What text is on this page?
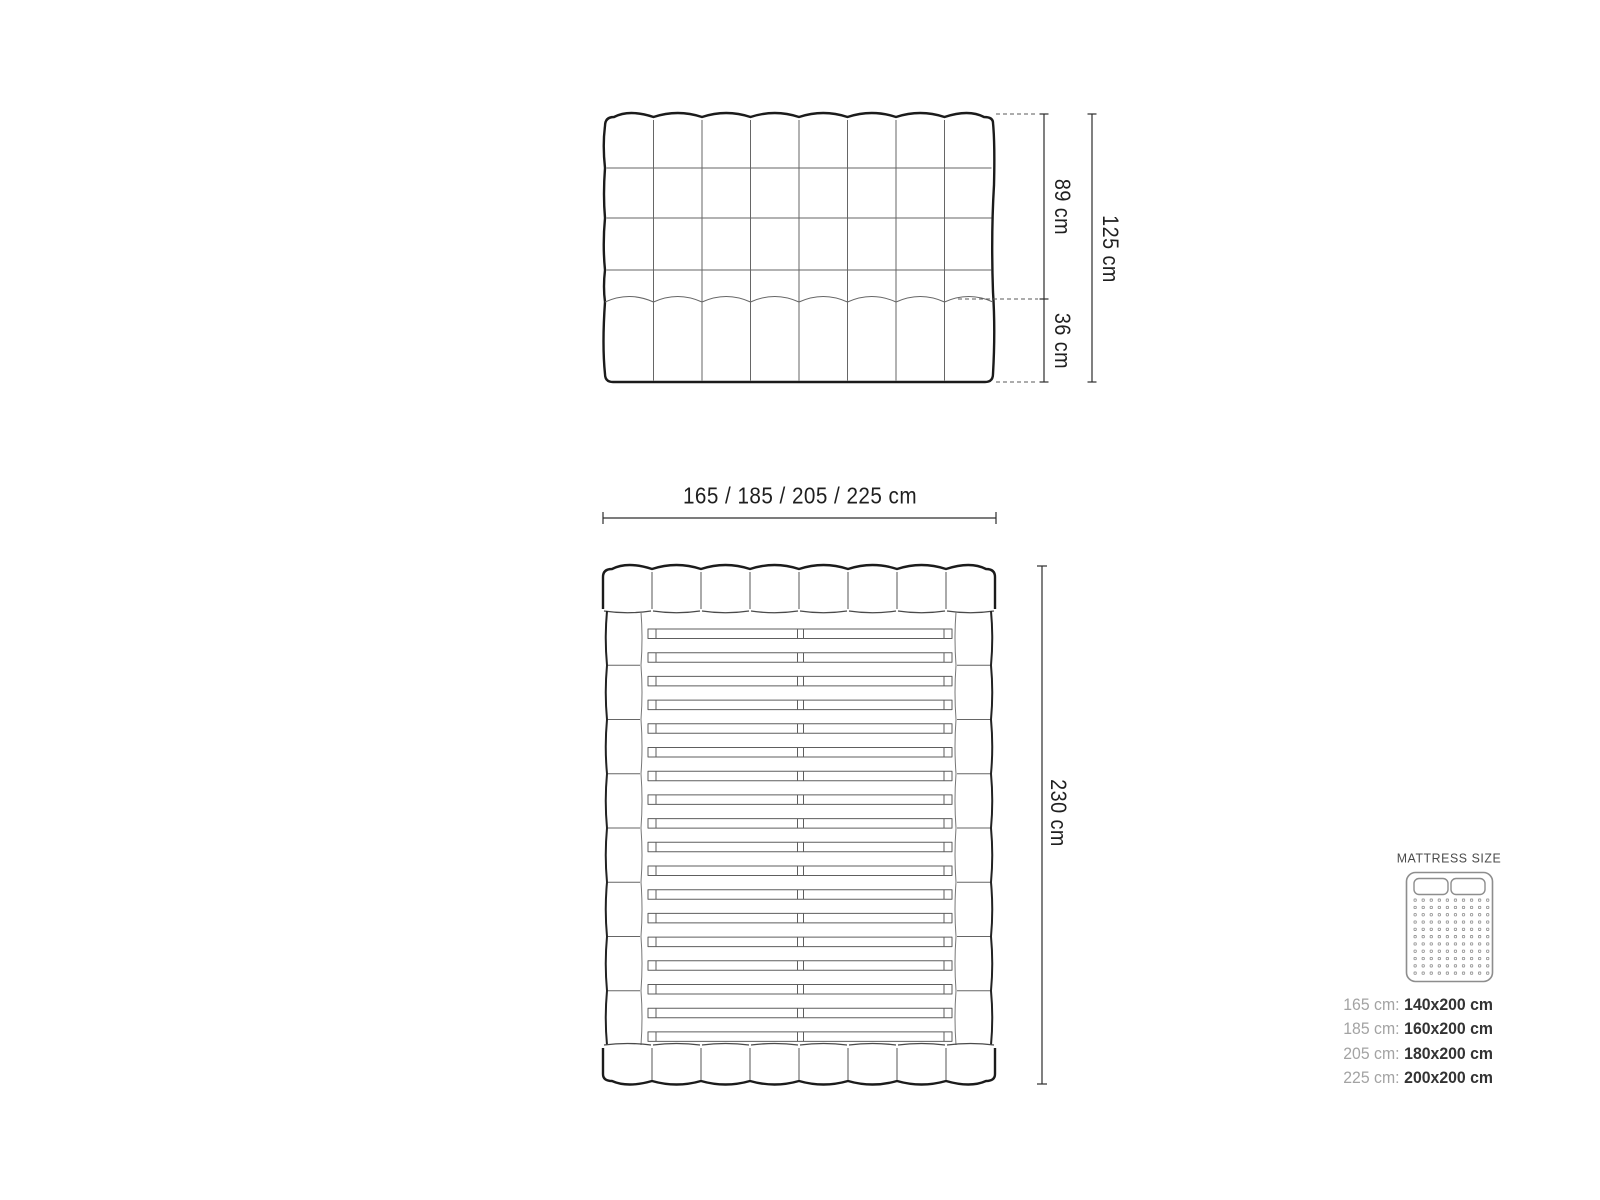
89 cm
36 cm
125 cm
165 / 185 / 205 / 225 cm
230 cm
MATTRESS SIZE
165 cm: 140x200 cm
185 cm: 160x200 cm
205 cm: 180x200 cm
225 cm: 200x200 cm
